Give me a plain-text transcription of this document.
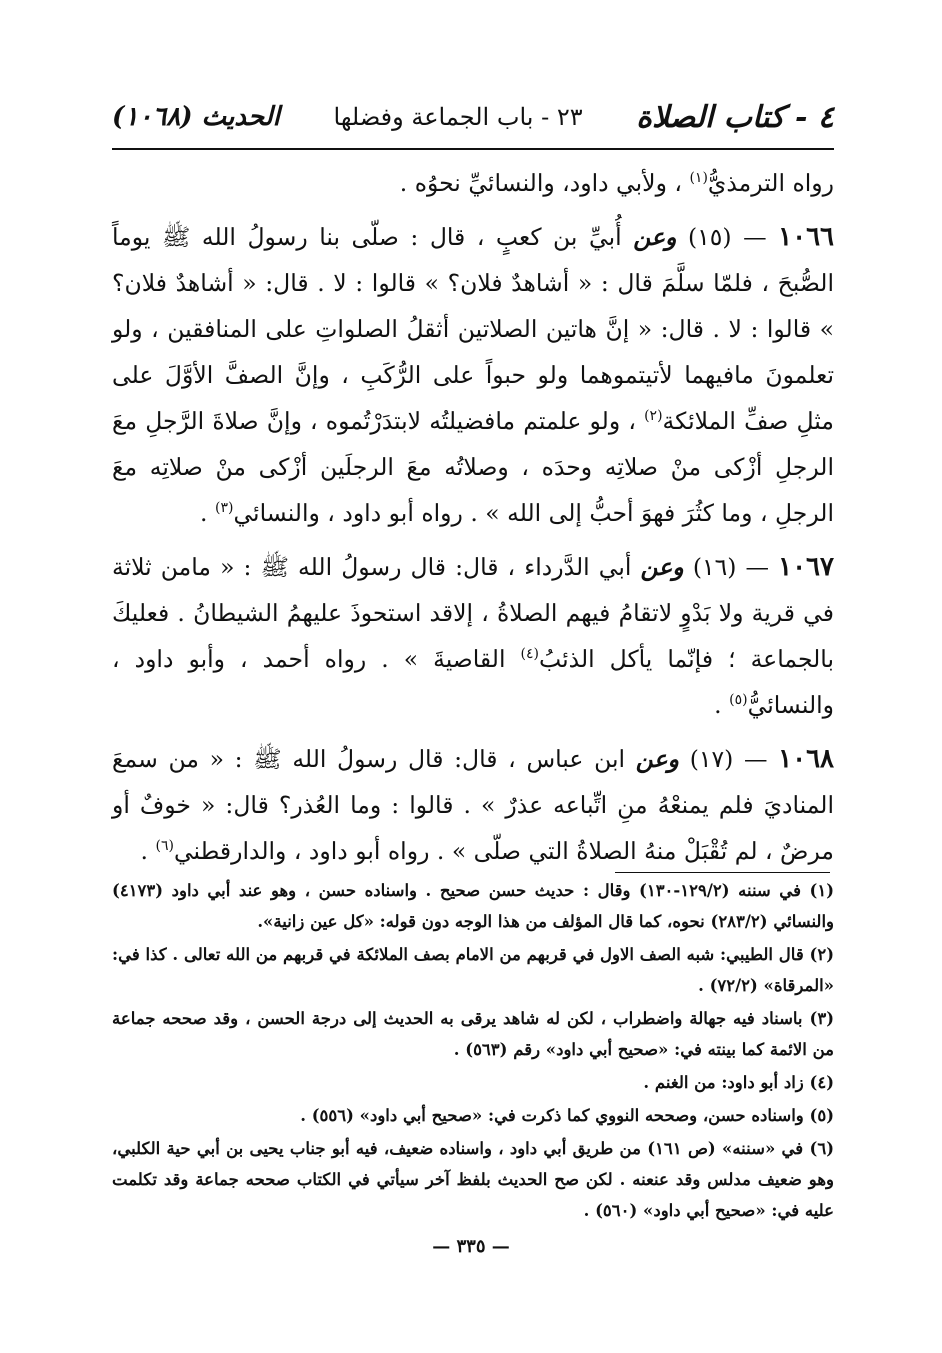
٤ - كتاب الصلاة
٢٣ - باب الجماعة وفضلها
الحديث (١٠٦٨)

رواه الترمذيُّ$^{(١)}$ ، ولأبي داود، والنسائيِّ نحوُه .

١٠٦٦ — (١٥) وعن أُبيِّ بن كعبٍ ، قال : صلّى بنا رسولُ الله ﷺ يوماً الصُّبحَ ، فلمّا سلَّمَ قال : « أشاهدٌ فلان؟ » قالوا : لا . قال: « أشاهدٌ فلان؟ » قالوا : لا . قال: « إنَّ هاتين الصلاتين أثقلُ الصلواتِ على المنافقين ، ولو تعلمونَ مافيهما لأتيتموهما ولو حبواً على الرُّكَبِ ، وإنَّ الصفَّ الأوَّلَ على مثلِ صفِّ الملائكة$^{(٢)}$ ، ولو علمتم مافضيلتُه لابتدَرْتُموه ، وإنَّ صلاةَ الرَّجلِ معَ الرجلِ أزْكى منْ صلاتِه وحدَه ، وصلاتُه معَ الرجلَين أزْكى منْ صلاتِه معَ الرجلِ ، وما كثُرَ فهوَ أحبُّ إلى الله » . رواه أبو داود ، والنسائي$^{(٣)}$ .

١٠٦٧ — (١٦) وعن أبي الدَّرداء ، قال: قال رسولُ الله ﷺ : « مامن ثلاثة في قرية ولا بَدْوٍ لاتقامُ فيهم الصلاةُ ، إلاقد استحوذَ عليهمُ الشيطانُ . فعليكَ بالجماعة ؛ فإنّما يأكل الذئبُ$^{(٤)}$ القاصيةَ » . رواه أحمد ، وأبو داود ، والنسائيُّ$^{(٥)}$ .

١٠٦٨ — (١٧) وعن ابن عباس ، قال: قال رسولُ الله ﷺ : « من سمعَ المناديَ فلم يمنعْهُ منِ اتِّباعه عذرٌ » . قالوا : وما العُذر؟ قال: « خوفٌ أو مرضٌ ، لم تُقْبَلْ منهُ الصلاةُ التي صلّى » . رواه أبو داود ، والدارقطني$^{(٦)}$ .

(١) في سننه (١٢٩/٢-١٣٠) وقال : حديث حسن صحيح . واسناده حسن ، وهو عند أبي داود (٤١٧٣) والنسائي (٢٨٣/٢) نحوه، كما قال المؤلف من هذا الوجه دون قوله: «كل عين زانية».

(٢) قال الطيبي: شبه الصف الاول في قربهم من الامام بصف الملائكة في قربهم من الله تعالى . كذا في: «المرقاة» (٧٢/٢) .

(٣) باسناد فيه جهالة واضطراب ، لكن له شاهد يرقى به الحديث إلى درجة الحسن ، وقد صححه جماعة من الائمة كما بينته في: «صحيح أبي داود» رقم (٥٦٣) .

(٤) زاد أبو داود: من الغنم .

(٥) واسناده حسن، وصححه النووي كما ذكرت في: «صحيح أبي داود» (٥٥٦) .

(٦) في «سننه» (ص ١٦١) من طريق أبي داود ، واسناده ضعيف، فيه أبو جناب يحيى بن أبي حية الكلبي، وهو ضعيف مدلس وقد عنعنه . لكن صح الحديث بلفظ آخر سيأتي في الكتاب صححه جماعة وقد تكلمت عليه في: «صحيح أبي داود» (٥٦٠) .

— ٣٣٥ —
